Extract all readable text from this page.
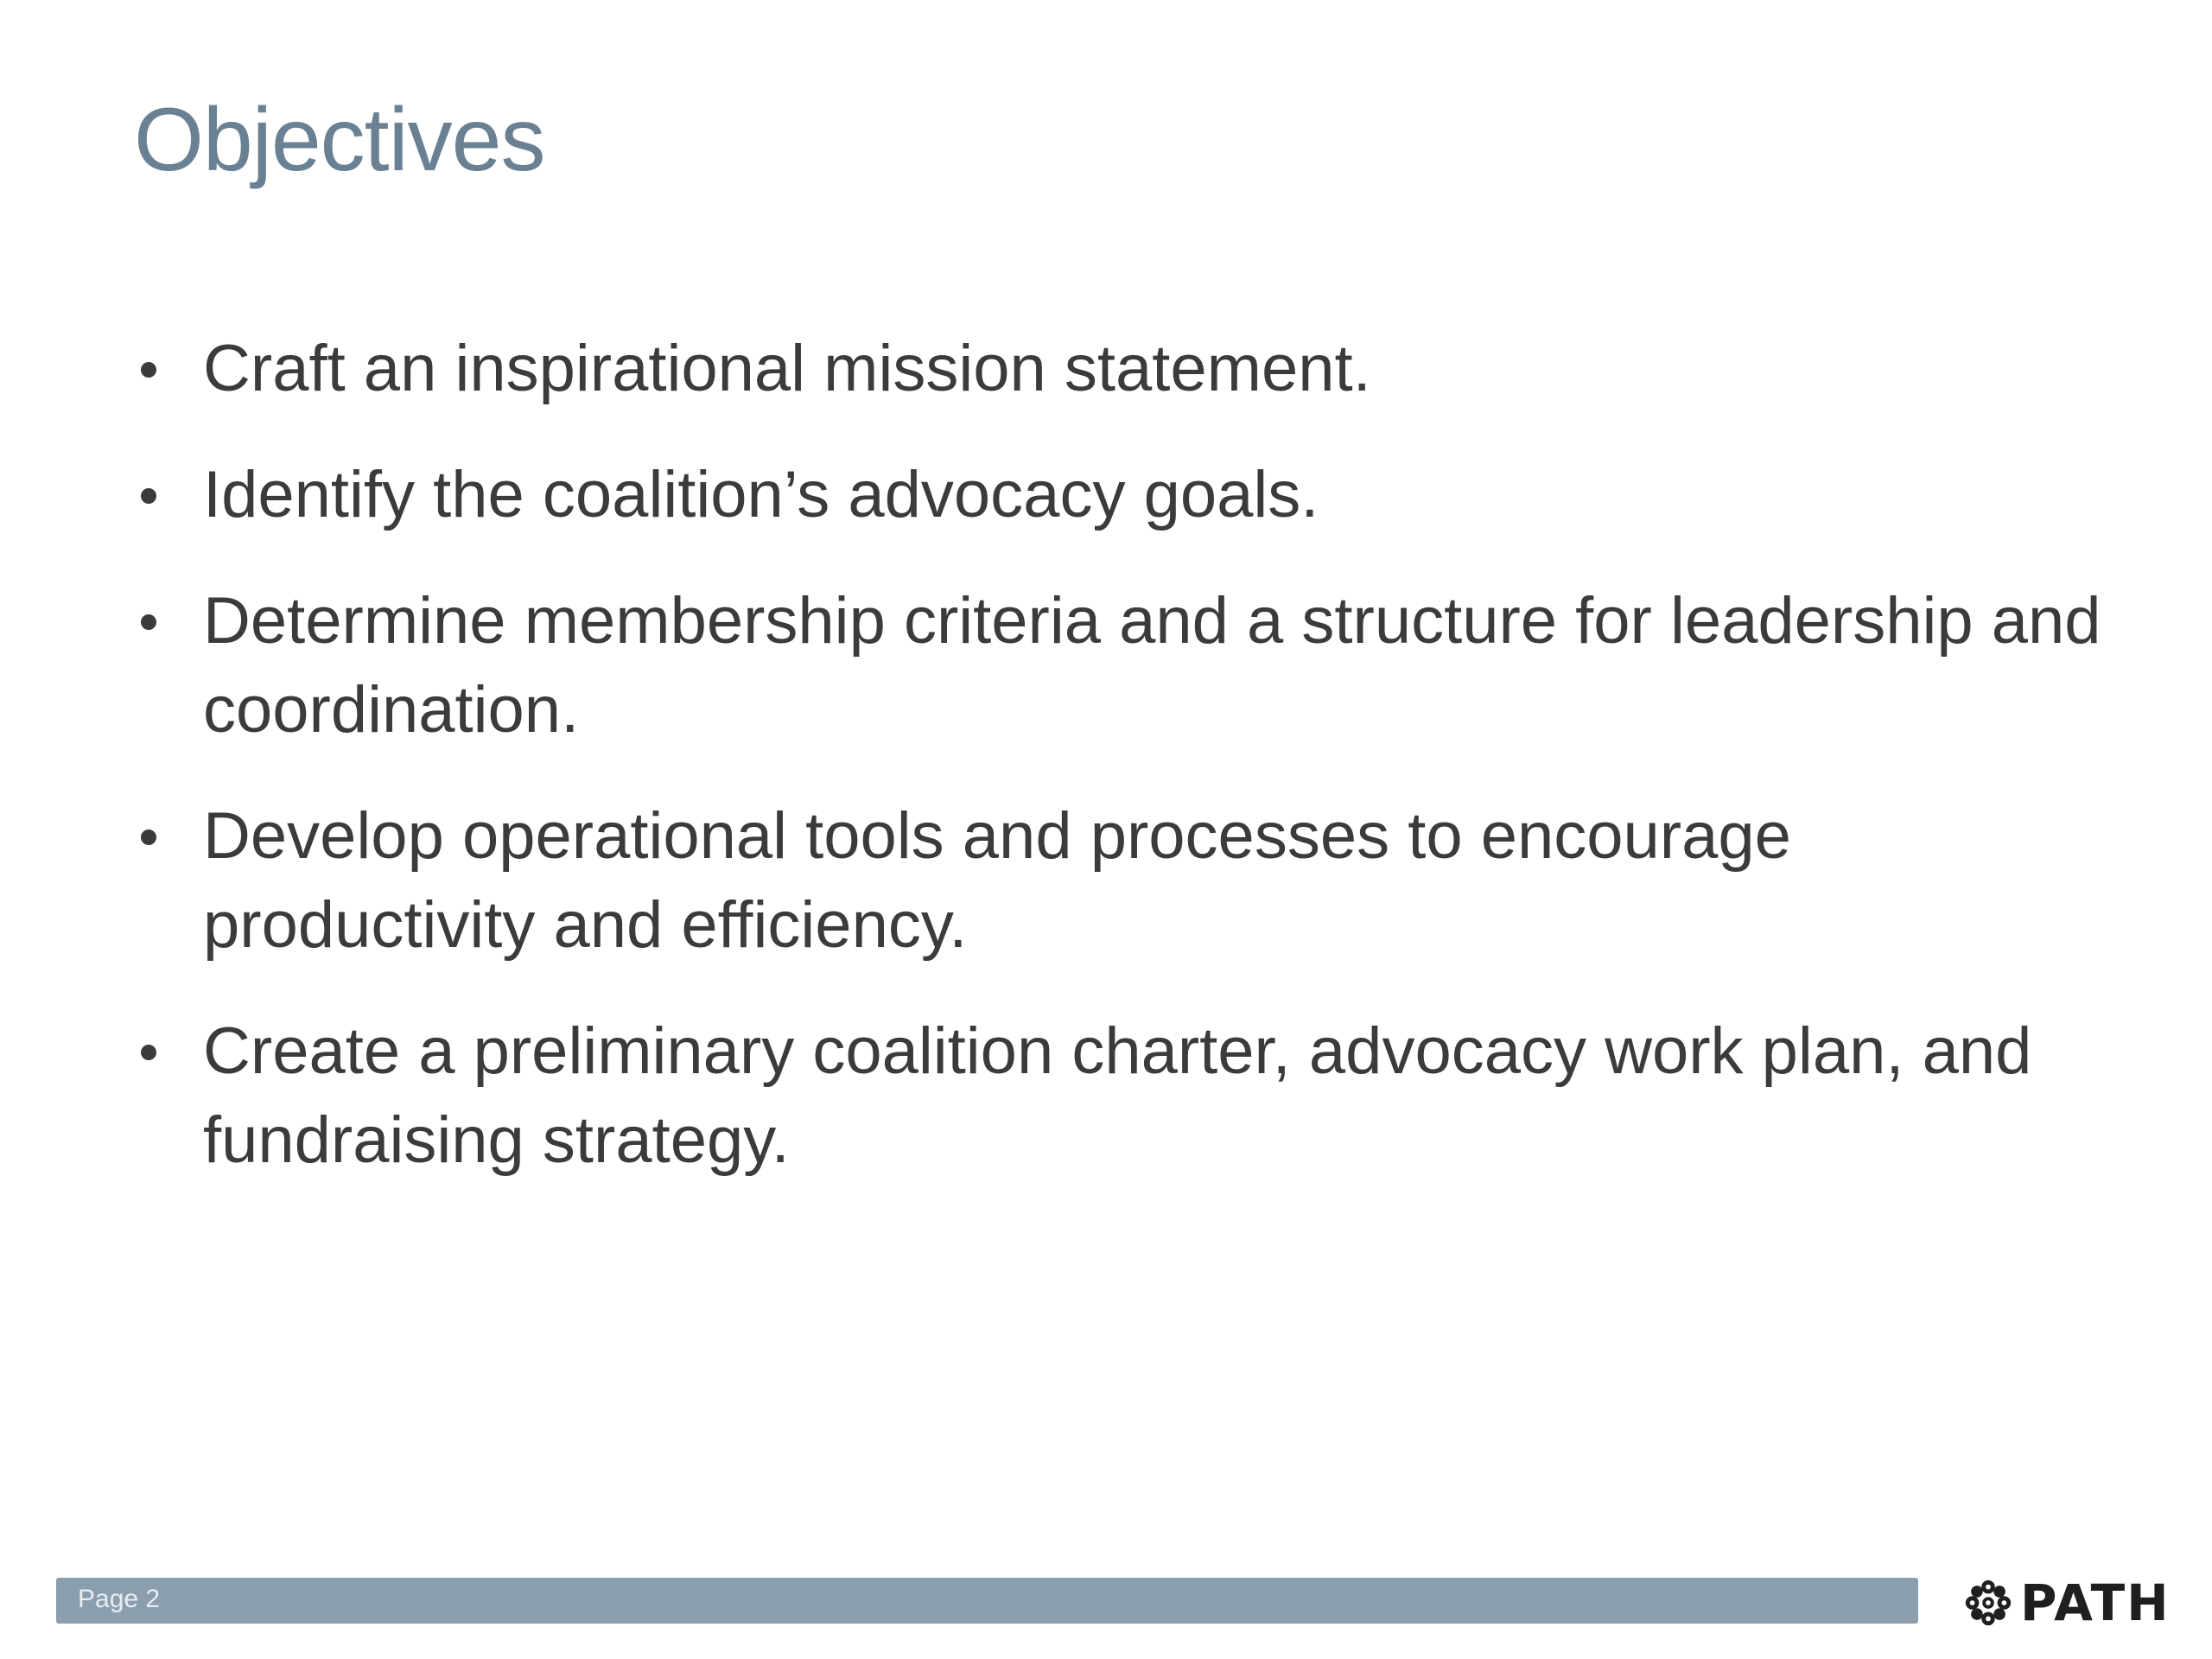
Objectives
Craft an inspirational mission statement.
Identify the coalition’s advocacy goals.
Determine membership criteria and a structure for leadership and coordination.
Develop operational tools and processes to encourage productivity and efficiency.
Create a preliminary coalition charter, advocacy work plan, and fundraising strategy.
Page 2	PATH
